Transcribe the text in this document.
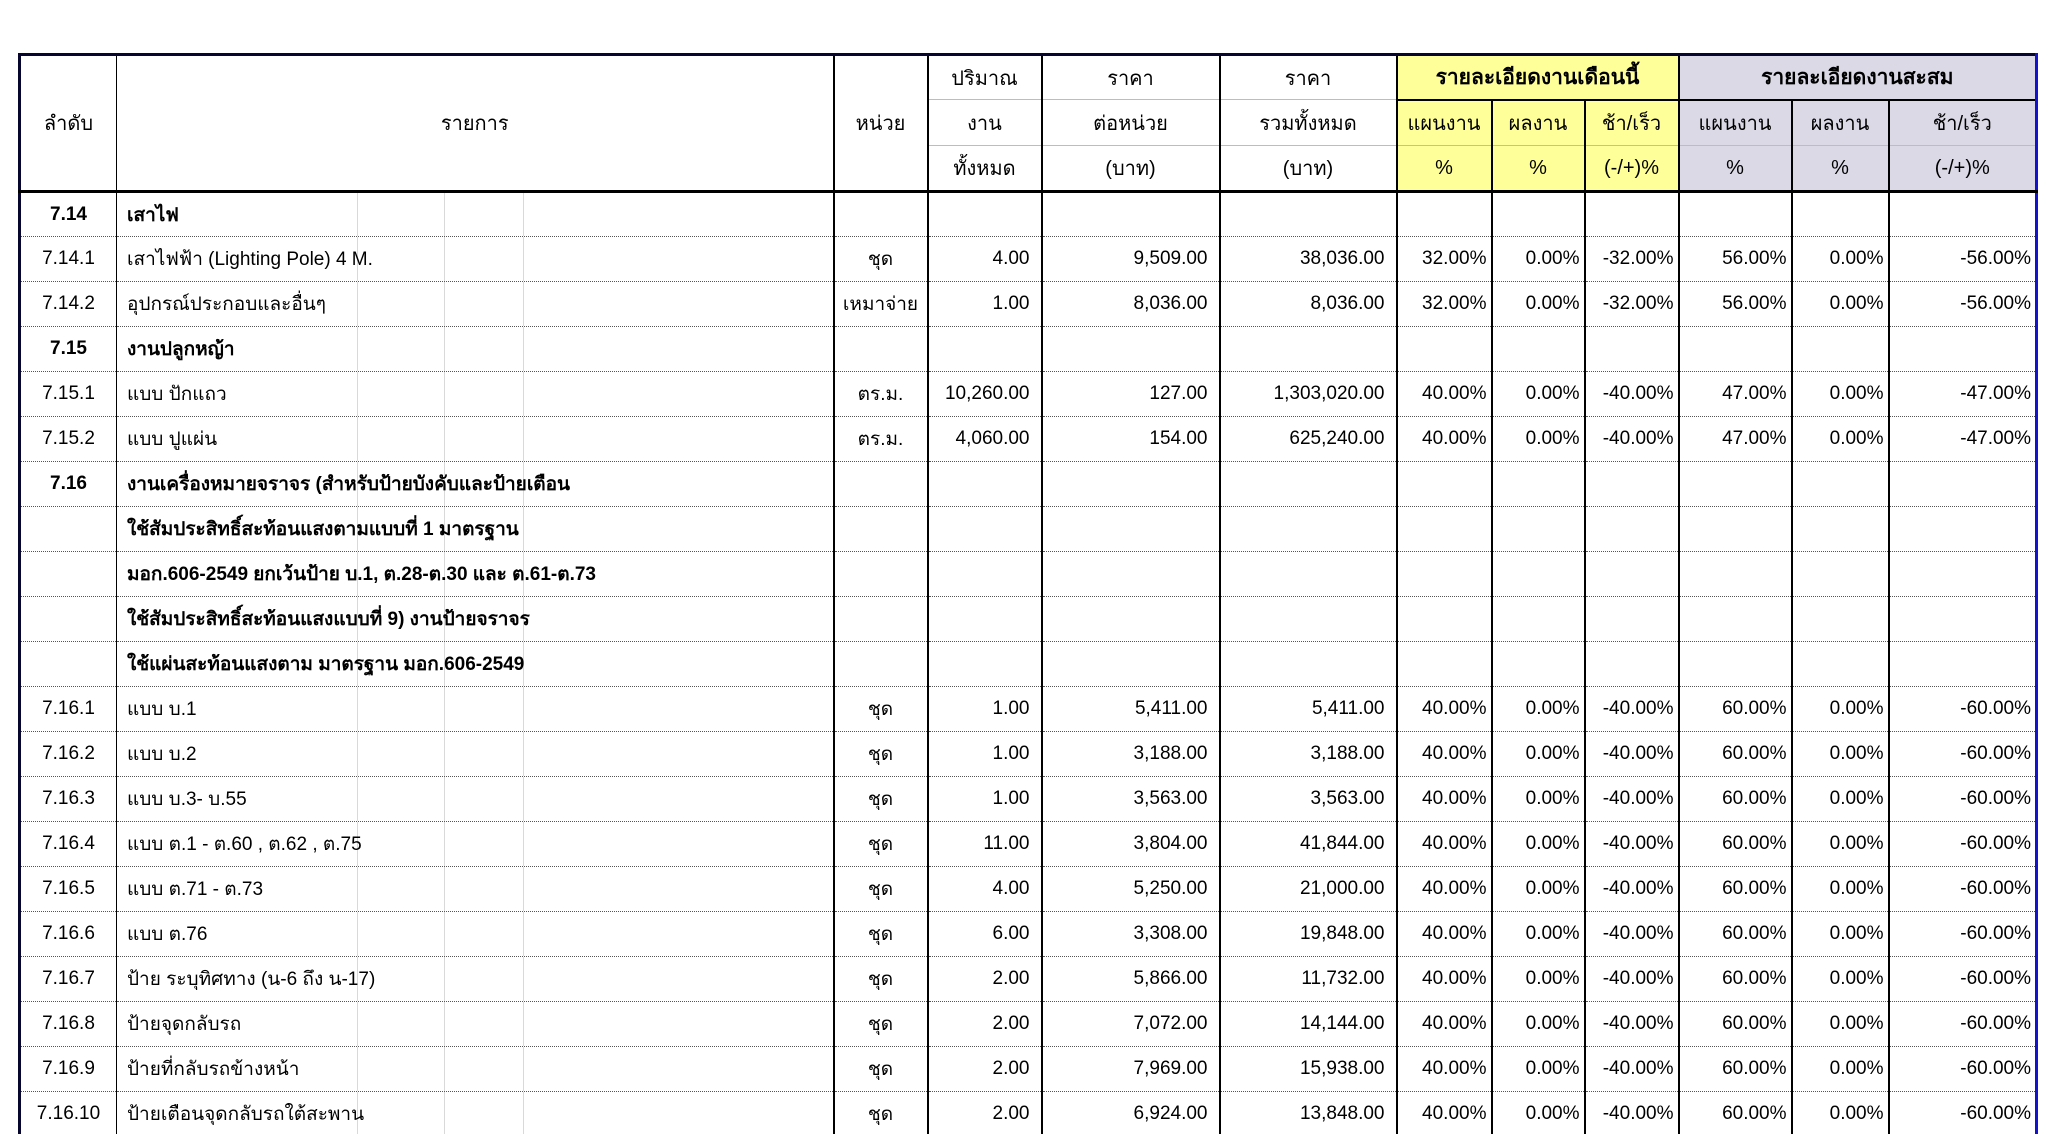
ลำดับ	รายการ	หน่วย	ปริมาณ	ราคา	ราคา	รายละเอียดงานเดือนนี้			รายละเอียดงานสะสม		
			งาน	ต่อหน่วย	รวมทั้งหมด	แผนงาน	ผลงาน	ช้า/เร็ว	แผนงาน	ผลงาน	ช้า/เร็ว
			ทั้งหมด	(บาท)	(บาท)	%	%	(-/+)%	%	%	(-/+)%
7.14	เสาไฟ										
7.14.1	เสาไฟฟ้า (Lighting Pole) 4 M.	ชุด	4.00	9,509.00	38,036.00	32.00%	0.00%	-32.00%	56.00%	0.00%	-56.00%
7.14.2	อุปกรณ์ประกอบและอื่นๆ	เหมาจ่าย	1.00	8,036.00	8,036.00	32.00%	0.00%	-32.00%	56.00%	0.00%	-56.00%
7.15	งานปลูกหญ้า										
7.15.1	แบบ ปักแถว	ตร.ม.	10,260.00	127.00	1,303,020.00	40.00%	0.00%	-40.00%	47.00%	0.00%	-47.00%
7.15.2	แบบ ปูแผ่น	ตร.ม.	4,060.00	154.00	625,240.00	40.00%	0.00%	-40.00%	47.00%	0.00%	-47.00%
7.16	งานเครื่องหมายจราจร (สำหรับป้ายบังคับและป้ายเตือน										
	ใช้สัมประสิทธิ์สะท้อนแสงตามแบบที่ 1 มาตรฐาน										
	มอก.606-2549 ยกเว้นป้าย บ.1, ต.28-ต.30 และ ต.61-ต.73										
	ใช้สัมประสิทธิ์สะท้อนแสงแบบที่ 9) งานป้ายจราจร										
	ใช้แผ่นสะท้อนแสงตาม มาตรฐาน มอก.606-2549										
7.16.1	แบบ บ.1	ชุด	1.00	5,411.00	5,411.00	40.00%	0.00%	-40.00%	60.00%	0.00%	-60.00%
7.16.2	แบบ บ.2	ชุด	1.00	3,188.00	3,188.00	40.00%	0.00%	-40.00%	60.00%	0.00%	-60.00%
7.16.3	แบบ บ.3- บ.55	ชุด	1.00	3,563.00	3,563.00	40.00%	0.00%	-40.00%	60.00%	0.00%	-60.00%
7.16.4	แบบ ต.1 - ต.60 , ต.62 , ต.75	ชุด	11.00	3,804.00	41,844.00	40.00%	0.00%	-40.00%	60.00%	0.00%	-60.00%
7.16.5	แบบ ต.71 - ต.73	ชุด	4.00	5,250.00	21,000.00	40.00%	0.00%	-40.00%	60.00%	0.00%	-60.00%
7.16.6	แบบ ต.76	ชุด	6.00	3,308.00	19,848.00	40.00%	0.00%	-40.00%	60.00%	0.00%	-60.00%
7.16.7	ป้าย ระบุทิศทาง (น-6 ถึง น-17)	ชุด	2.00	5,866.00	11,732.00	40.00%	0.00%	-40.00%	60.00%	0.00%	-60.00%
7.16.8	ป้ายจุดกลับรถ	ชุด	2.00	7,072.00	14,144.00	40.00%	0.00%	-40.00%	60.00%	0.00%	-60.00%
7.16.9	ป้ายที่กลับรถข้างหน้า	ชุด	2.00	7,969.00	15,938.00	40.00%	0.00%	-40.00%	60.00%	0.00%	-60.00%
7.16.10	ป้ายเตือนจุดกลับรถใต้สะพาน	ชุด	2.00	6,924.00	13,848.00	40.00%	0.00%	-40.00%	60.00%	0.00%	-60.00%
